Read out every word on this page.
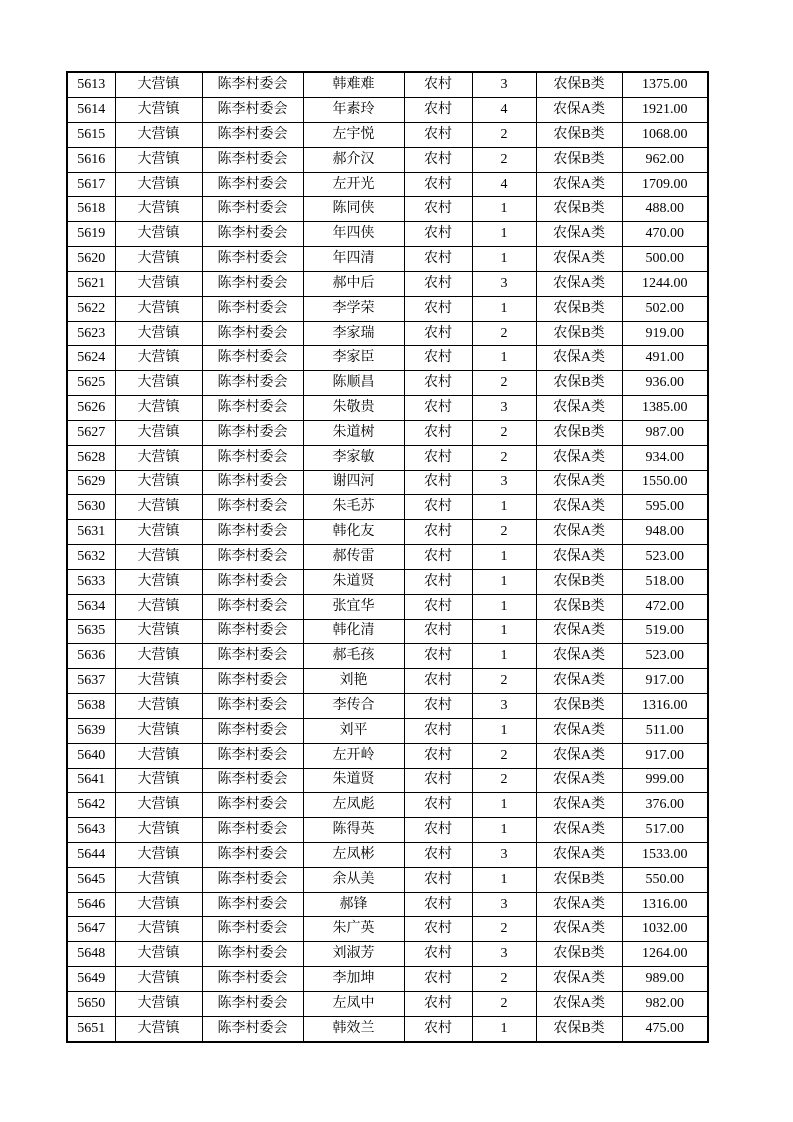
5613	大营镇	陈李村委会	韩难难	农村	3	农保B类	1375.00
5614	大营镇	陈李村委会	年素玲	农村	4	农保A类	1921.00
5615	大营镇	陈李村委会	左宇悦	农村	2	农保B类	1068.00
5616	大营镇	陈李村委会	郝介汉	农村	2	农保B类	962.00
5617	大营镇	陈李村委会	左开光	农村	4	农保A类	1709.00
5618	大营镇	陈李村委会	陈同侠	农村	1	农保B类	488.00
5619	大营镇	陈李村委会	年四侠	农村	1	农保A类	470.00
5620	大营镇	陈李村委会	年四清	农村	1	农保A类	500.00
5621	大营镇	陈李村委会	郝中后	农村	3	农保A类	1244.00
5622	大营镇	陈李村委会	李学荣	农村	1	农保B类	502.00
5623	大营镇	陈李村委会	李家瑞	农村	2	农保B类	919.00
5624	大营镇	陈李村委会	李家臣	农村	1	农保A类	491.00
5625	大营镇	陈李村委会	陈顺昌	农村	2	农保B类	936.00
5626	大营镇	陈李村委会	朱敬贵	农村	3	农保A类	1385.00
5627	大营镇	陈李村委会	朱道树	农村	2	农保B类	987.00
5628	大营镇	陈李村委会	李家敏	农村	2	农保A类	934.00
5629	大营镇	陈李村委会	谢四河	农村	3	农保A类	1550.00
5630	大营镇	陈李村委会	朱毛苏	农村	1	农保A类	595.00
5631	大营镇	陈李村委会	韩化友	农村	2	农保A类	948.00
5632	大营镇	陈李村委会	郝传雷	农村	1	农保A类	523.00
5633	大营镇	陈李村委会	朱道贤	农村	1	农保B类	518.00
5634	大营镇	陈李村委会	张宜华	农村	1	农保B类	472.00
5635	大营镇	陈李村委会	韩化清	农村	1	农保A类	519.00
5636	大营镇	陈李村委会	郝毛孩	农村	1	农保A类	523.00
5637	大营镇	陈李村委会	刘艳	农村	2	农保A类	917.00
5638	大营镇	陈李村委会	李传合	农村	3	农保B类	1316.00
5639	大营镇	陈李村委会	刘平	农村	1	农保A类	511.00
5640	大营镇	陈李村委会	左开岭	农村	2	农保A类	917.00
5641	大营镇	陈李村委会	朱道贤	农村	2	农保A类	999.00
5642	大营镇	陈李村委会	左凤彪	农村	1	农保A类	376.00
5643	大营镇	陈李村委会	陈得英	农村	1	农保A类	517.00
5644	大营镇	陈李村委会	左凤彬	农村	3	农保A类	1533.00
5645	大营镇	陈李村委会	余从美	农村	1	农保B类	550.00
5646	大营镇	陈李村委会	郝锋	农村	3	农保A类	1316.00
5647	大营镇	陈李村委会	朱广英	农村	2	农保A类	1032.00
5648	大营镇	陈李村委会	刘淑芳	农村	3	农保B类	1264.00
5649	大营镇	陈李村委会	李加坤	农村	2	农保A类	989.00
5650	大营镇	陈李村委会	左凤中	农村	2	农保A类	982.00
5651	大营镇	陈李村委会	韩效兰	农村	1	农保B类	475.00
